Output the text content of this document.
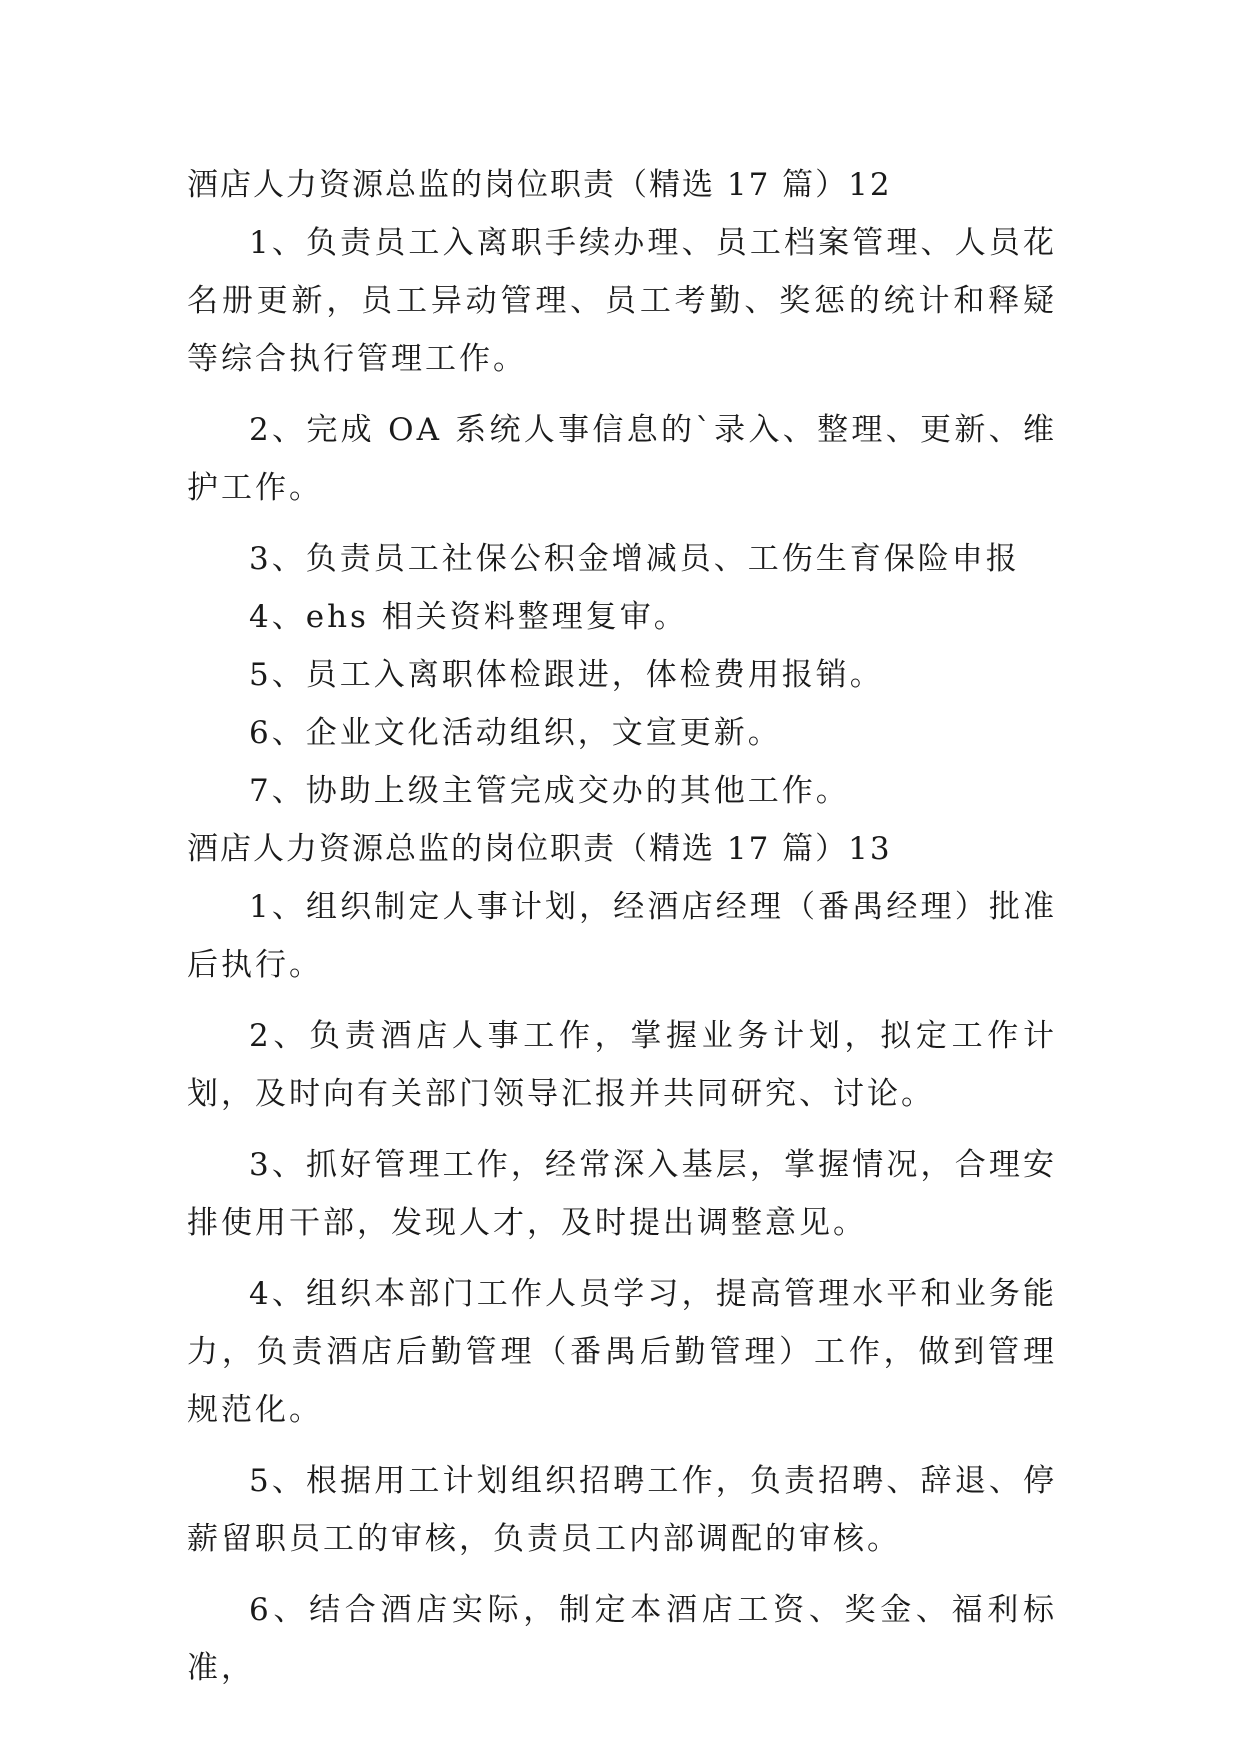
酒店人力资源总监的岗位职责（精选 17 篇）12

1、负责员工入离职手续办理、员工档案管理、人员花名册更新，员工异动管理、员工考勤、奖惩的统计和释疑等综合执行管理工作。

2、完成 OA 系统人事信息的`录入、整理、更新、维护工作。

3、负责员工社保公积金增减员、工伤生育保险申报

4、ehs 相关资料整理复审。

5、员工入离职体检跟进，体检费用报销。

6、企业文化活动组织，文宣更新。

7、协助上级主管完成交办的其他工作。

酒店人力资源总监的岗位职责（精选 17 篇）13

1、组织制定人事计划，经酒店经理（番禺经理）批准后执行。

2、负责酒店人事工作，掌握业务计划，拟定工作计划，及时向有关部门领导汇报并共同研究、讨论。

3、抓好管理工作，经常深入基层，掌握情况，合理安排使用干部，发现人才，及时提出调整意见。

4、组织本部门工作人员学习，提高管理水平和业务能力，负责酒店后勤管理（番禺后勤管理）工作，做到管理规范化。

5、根据用工计划组织招聘工作，负责招聘、辞退、停薪留职员工的审核，负责员工内部调配的审核。

6、结合酒店实际，制定本酒店工资、奖金、福利标准，
